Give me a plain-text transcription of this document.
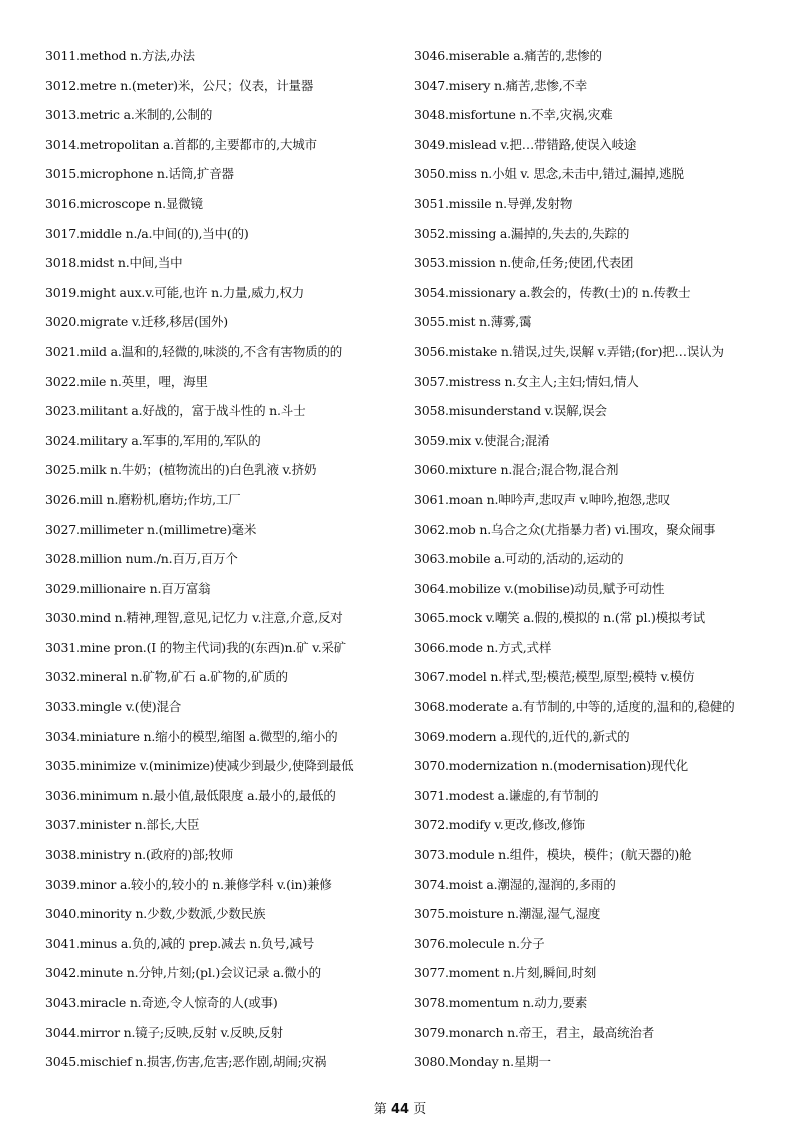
3011.method n.方法,办法
3012.metre n.(meter)米，公尺；仪表，计量器
3013.metric a.米制的,公制的
3014.metropolitan a.首都的,主要都市的,大城市
3015.microphone n.话筒,扩音器
3016.microscope n.显微镜
3017.middle n./a.中间(的),当中(的)
3018.midst n.中间,当中
3019.might aux.v.可能,也许 n.力量,威力,权力
3020.migrate v.迁移,移居(国外)
3021.mild a.温和的,轻微的,味淡的,不含有害物质的的
3022.mile n.英里，哩，海里
3023.militant a.好战的，富于战斗性的 n.斗士
3024.military a.军事的,军用的,军队的
3025.milk n.牛奶；(植物流出的)白色乳液 v.挤奶
3026.mill n.磨粉机,磨坊;作坊,工厂
3027.millimeter n.(millimetre)毫米
3028.million num./n.百万,百万个
3029.millionaire n.百万富翁
3030.mind n.精神,理智,意见,记忆力 v.注意,介意,反对
3031.mine pron.(I 的物主代词)我的(东西)n.矿 v.采矿
3032.mineral n.矿物,矿石 a.矿物的,矿质的
3033.mingle v.(使)混合
3034.miniature n.缩小的模型,缩图 a.微型的,缩小的
3035.minimize v.(minimize)使减少到最少,使降到最低
3036.minimum n.最小值,最低限度 a.最小的,最低的
3037.minister n.部长,大臣
3038.ministry n.(政府的)部;牧师
3039.minor a.较小的,较小的 n.兼修学科 v.(in)兼修
3040.minority n.少数,少数派,少数民族
3041.minus a.负的,减的 prep.减去 n.负号,减号
3042.minute n.分钟,片刻;(pl.)会议记录 a.微小的
3043.miracle n.奇迹,令人惊奇的人(或事)
3044.mirror n.镜子;反映,反射 v.反映,反射
3045.mischief n.损害,伤害,危害;恶作剧,胡闹;灾祸
3046.miserable a.痛苦的,悲惨的
3047.misery n.痛苦,悲惨,不幸
3048.misfortune n.不幸,灾祸,灾难
3049.mislead v.把…带错路,使误入岐途
3050.miss n.小姐 v. 思念,未击中,错过,漏掉,逃脱
3051.missile n.导弹,发射物
3052.missing a.漏掉的,失去的,失踪的
3053.mission n.使命,任务;使团,代表团
3054.missionary a.教会的，传教(士)的 n.传教士
3055.mist n.薄雾,霭
3056.mistake n.错误,过失,误解 v.弄错;(for)把…误认为
3057.mistress n.女主人;主妇;情妇,情人
3058.misunderstand v.误解,误会
3059.mix v.使混合;混淆
3060.mixture n.混合;混合物,混合剂
3061.moan n.呻吟声,悲叹声 v.呻吟,抱怨,悲叹
3062.mob n.乌合之众(尤指暴力者) vi.围攻，聚众闹事
3063.mobile a.可动的,活动的,运动的
3064.mobilize v.(mobilise)动员,赋予可动性
3065.mock v.嘲笑 a.假的,模拟的 n.(常 pl.)模拟考试
3066.mode n.方式,式样
3067.model n.样式,型;模范;模型,原型;模特 v.模仿
3068.moderate a.有节制的,中等的,适度的,温和的,稳健的
3069.modern a.现代的,近代的,新式的
3070.modernization n.(modernisation)现代化
3071.modest a.谦虚的,有节制的
3072.modify v.更改,修改,修饰
3073.module n.组件，模块，模件；(航天器的)舱
3074.moist a.潮湿的,湿润的,多雨的
3075.moisture n.潮湿,湿气,湿度
3076.molecule n.分子
3077.moment n.片刻,瞬间,时刻
3078.momentum n.动力,要素
3079.monarch n.帝王，君主，最高统治者
3080.Monday n.星期一
第 44 页
